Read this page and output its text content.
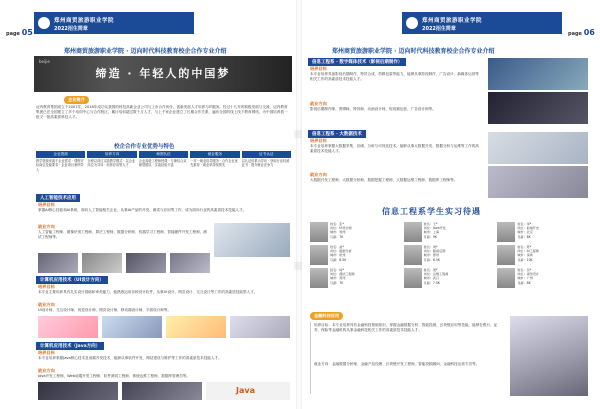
page 05
郑州商贸旅游职业学院
2022招生简章
郑州商贸旅游职业学院 · 迈向时代科技教育校企合作专业介绍
beijie
缔造 · 年轻人的中国梦
企业简介
迈内教育集团成立于2007年，2018年成功从我国的科技高新企业公司与上市合作伙伴，创新发展人才培养与IT服务。经过十几年的积极发展与交流，迈内教育集团已在全国建立了多个培训中心与合作校区，累计培训超过数十万人才，与上千家企业建立了长期合作关系，遍布全国的线上线下教育网络，为中国培养着一批又一批高素质科技人才。
校企合作专业优势与特色
企业资源
教学资源来源于企业需求 · 课程对标岗位技能要求 · 企业项目案例导入
培养方向
全程以项目实践教学模式 · 以企业岗位为导向 · 培养应用型人才
师资队伍
企业高级工程师授课 · 专兼结合双师型团队 · 实战经验丰富
就业服务
一对一就业指导服务 · 合作企业优先推荐 · 就业率持续领先
证书认证
以认证体系为导向 · 获取行业权威证书 · 提升就业竞争力
人工智能技术应用
培养目标
掌握AI核心技能和AI系统，面向人工智能相关企业，从事AI产品的开发、测试与应用等工作，成为面向行业的高素质技术技能人才。
就业方向
人工智能工程师、图像识别工程师、算法工程师、数据分析师、机器学习工程师、智能硬件开发工程师、测试工程师等。
计算机应用技术（UI设计方向）
培养目标
本专业主要培养具有扎实设计基础和审美能力，能熟练运用各种设计软件，从事UI设计、网页设计、交互设计等工作的高素质技能型人才。
就业方向
UI设计师、交互设计师、视觉设计师、网页设计师、移动端设计师、平面设计师等。
计算机应用技术（Java方向）
培养目标
本专业培养掌握Java核心技术及前端开发技术，能够从事软件开发、网站建设与维护等工作的高素质技术技能人才。
就业方向
Java开发工程师、Web前端开发工程师、软件测试工程师、系统运维工程师、数据库管理员等。
Java
郑州商贸旅游职业学院
2022招生简章
page 06
郑州商贸旅游职业学院 · 迈向时代科技教育校企合作专业介绍
信息工程系 · 数字媒体技术（影视后期制作）
培养目标
本专业培养具备影视后期制作、特效合成、剪辑包装等能力，能够从事影视制作、广告设计、新媒体运营等相关工作的高素质技术技能人才。
就业方向
影视后期制作师、剪辑师、特效师、动画设计师、短视频运营、广告设计师等。
信息工程系 · 大数据技术
培养目标
本专业培养掌握大数据采集、存储、分析与可视化技术，能够从事大数据开发、数据分析与运维等工作的高素质技术技能人才。
就业方向
大数据开发工程师、大数据分析师、数据挖掘工程师、大数据运维工程师、数据库工程师等。
信息工程系学生实习待遇
姓名：张*
岗位：UI设计师
城市：郑州
月薪：7K
姓名：王*
岗位：Java开发
城市：上海
月薪：9K
姓名：李*
岗位：前端开发
城市：北京
月薪：8K
姓名：赵*
岗位：数据分析
城市：杭州
月薪：8.5K
姓名：刘*
岗位：影视后期
城市：郑州
月薪：6.5K
姓名：陈*
岗位：AI工程师
城市：深圳
月薪：10K
姓名：杨*
岗位：测试工程师
城市：郑州
月薪：7K
姓名：周*
岗位：运维工程师
城市：武汉
月薪：7.5K
姓名：吴*
岗位：视觉设计
城市：广州
月薪：8K
金融科技应用
培养目标：本专业培养具有金融科技基础知识，掌握金融数据分析、智能投顾、区块链应用等技能，能够在银行、证券、保险等金融机构从事金融科技相关工作的高素质技术技能人才。
就业方向：金融数据分析师、金融产品经理、区块链开发工程师、智能投顾顾问、金融科技运营专员等。
